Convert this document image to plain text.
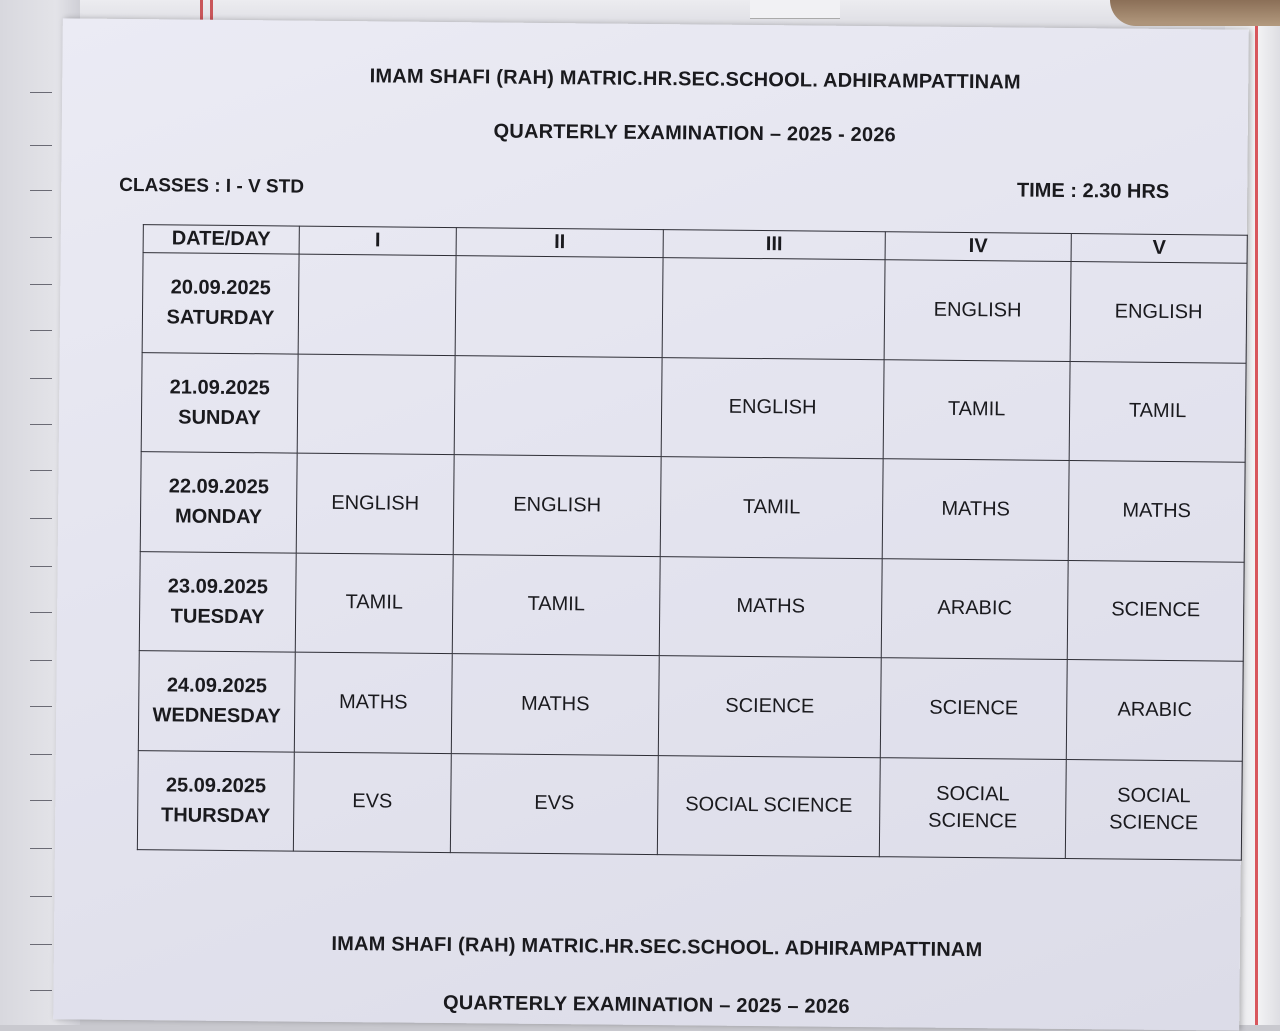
IMAM SHAFI (RAH) MATRIC.HR.SEC.SCHOOL. ADHIRAMPATTINAM
QUARTERLY EXAMINATION – 2025 - 2026
CLASSES : I - V STD	TIME : 2.30 HRS
DATE/DAY	I	II	III	IV	V
20.09.2025
SATURDAY				ENGLISH	ENGLISH
21.09.2025
SUNDAY			ENGLISH	TAMIL	TAMIL
22.09.2025
MONDAY	ENGLISH	ENGLISH	TAMIL	MATHS	MATHS
23.09.2025
TUESDAY	TAMIL	TAMIL	MATHS	ARABIC	SCIENCE
24.09.2025
WEDNESDAY	MATHS	MATHS	SCIENCE	SCIENCE	ARABIC
25.09.2025
THURSDAY	EVS	EVS	SOCIAL SCIENCE	SOCIAL SCIENCE	SOCIAL SCIENCE
IMAM SHAFI (RAH) MATRIC.HR.SEC.SCHOOL. ADHIRAMPATTINAM
QUARTERLY EXAMINATION – 2025 – 2026
